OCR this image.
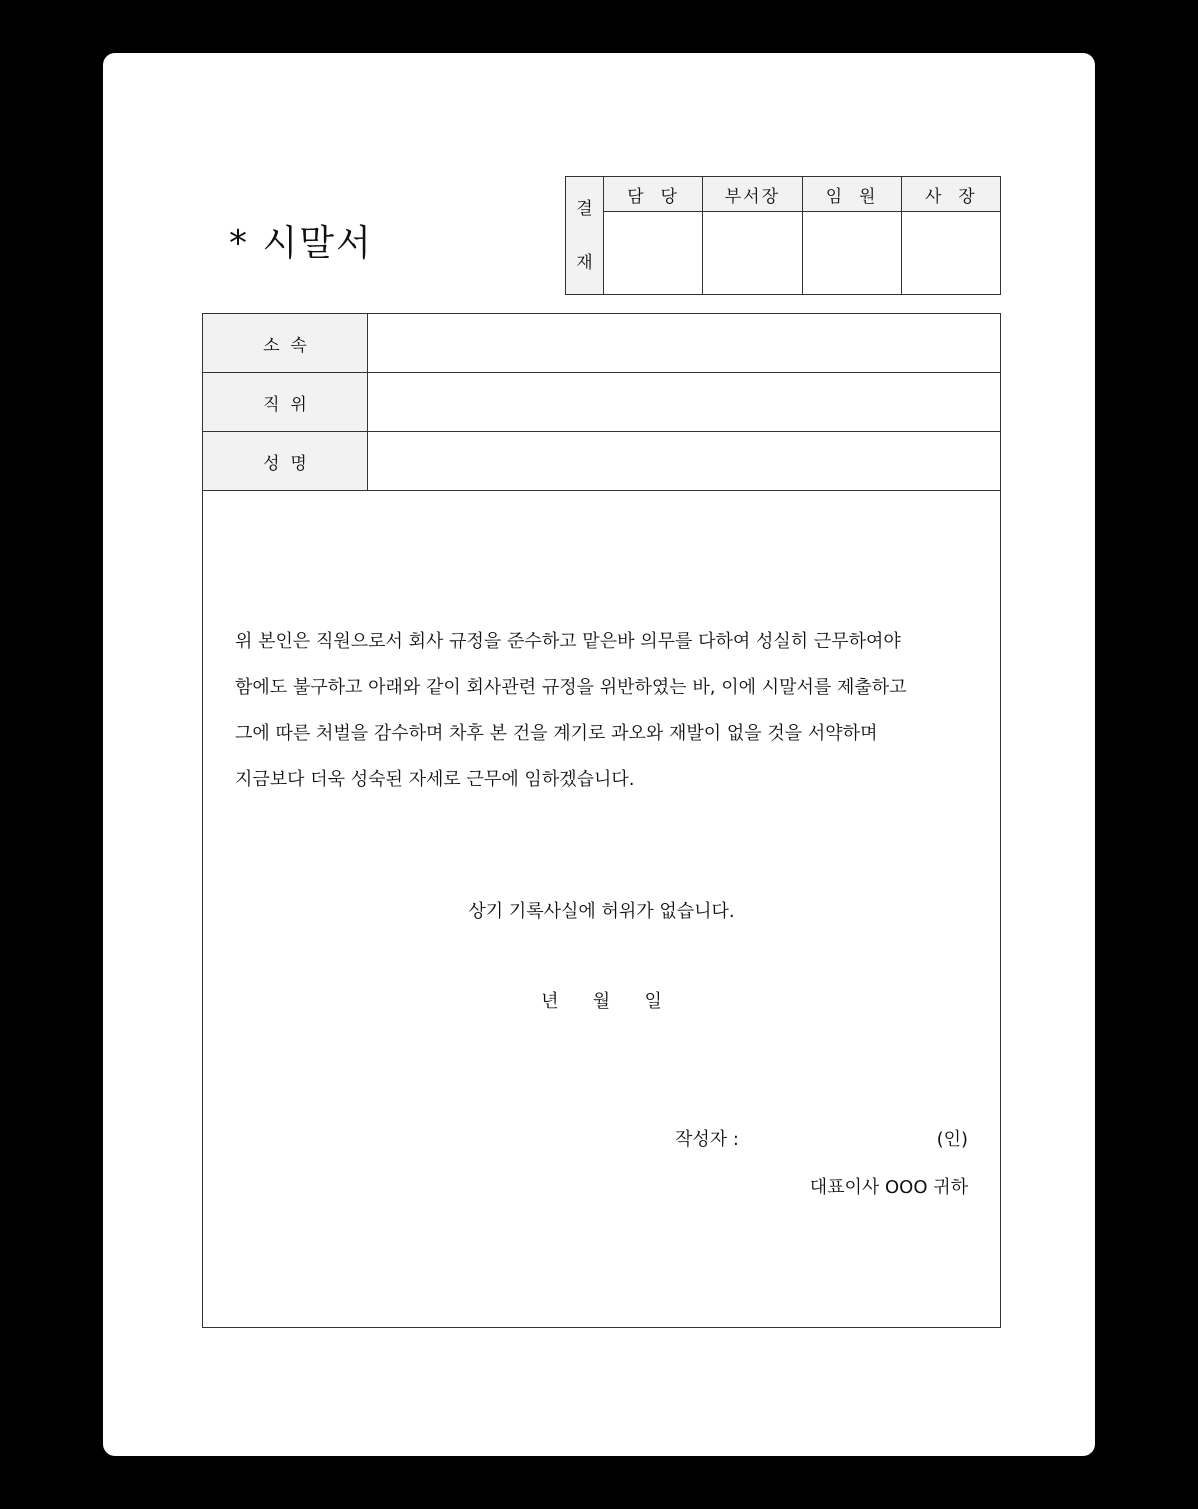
* 시말서
결
재	담  당	부서장	임  원	사  장

소  속	
직  위	
성  명	
위 본인은 직원으로서 회사 규정을 준수하고 맡은바 의무를 다하여 성실히 근무하여야
함에도 불구하고 아래와 같이 회사관련 규정을 위반하였는 바, 이에 시말서를 제출하고
그에 따른 처벌을 감수하며 차후 본 건을 계기로 과오와 재발이 없을 것을 서약하며
지금보다 더욱 성숙된 자세로 근무에 임하겠습니다.
상기 기록사실에 허위가 없습니다.
년      월      일
작성자 :	(인)
대표이사 OOO 귀하
